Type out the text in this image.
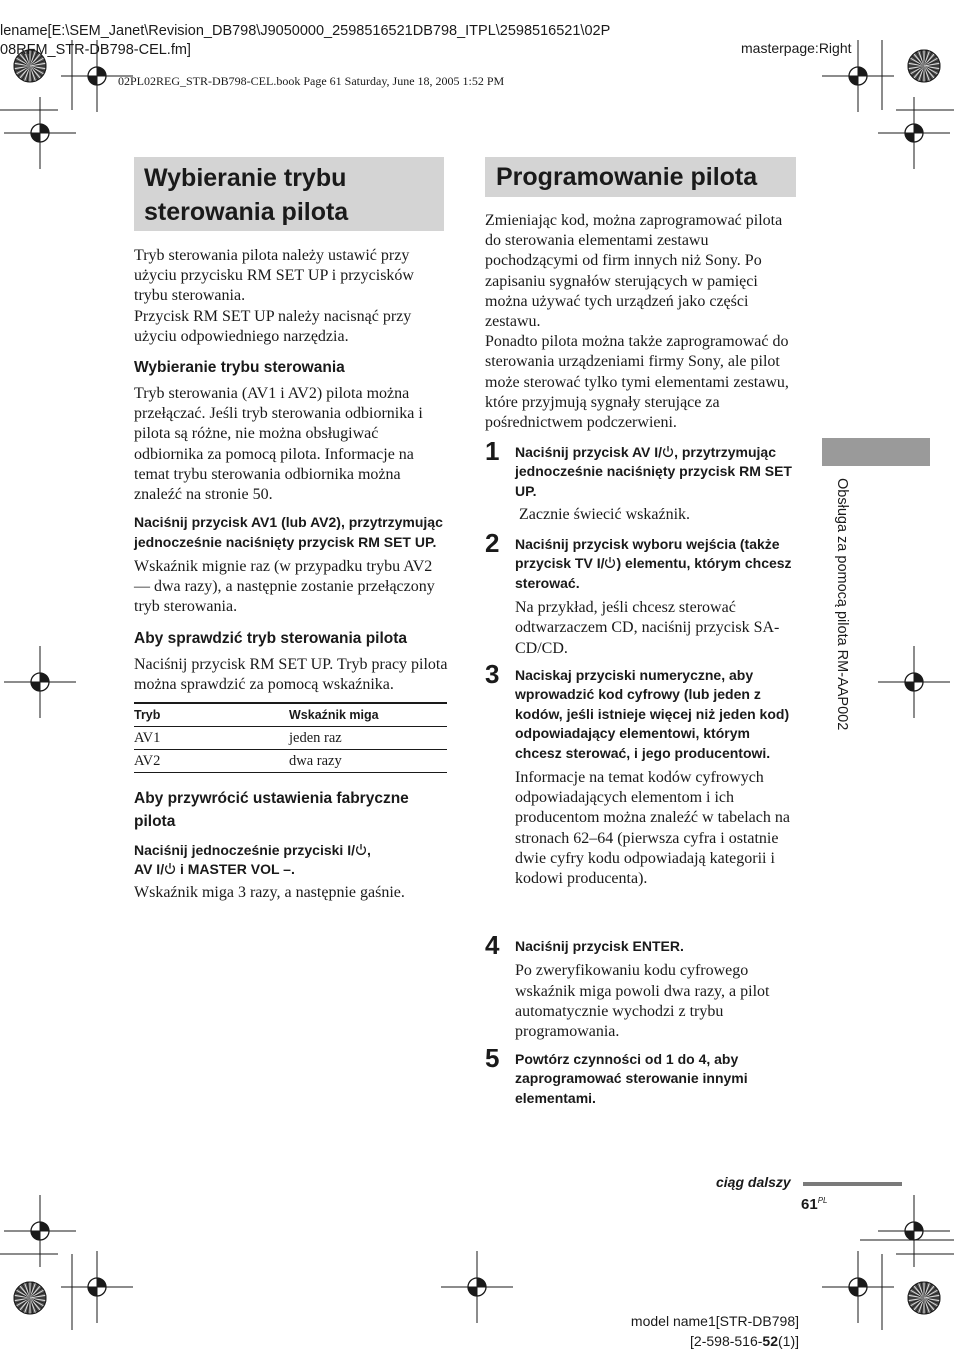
lename[E:\SEM_Janet\Revision_DB798\J9050000_2598516521DB798_ITPL\2598516521\02P
08RFM_STR-DB798-CEL.fm]	masterpage:Right
02PL02REG_STR-DB798-CEL.book Page 61 Saturday, June 18, 2005 1:52 PM
Wybieranie trybu
sterowania pilota

Tryb sterowania pilota należy ustawić przy użyciu przycisku RM SET UP i przycisków trybu sterowania.

Przycisk RM SET UP należy nacisnąć przy użyciu odpowiedniego narzędzia.

Wybieranie trybu sterowania

Tryb sterowania (AV1 i AV2) pilota można przełączać. Jeśli tryb sterowania odbiornika i pilota są różne, nie można obsługiwać odbiornika za pomocą pilota. Informacje na temat trybu sterowania odbiornika można znaleźć na stronie 50.

Naciśnij przycisk AV1 (lub AV2), przytrzymując jednocześnie naciśnięty przycisk RM SET UP.

Wskaźnik mignie raz (w przypadku trybu AV2 — dwa razy), a następnie zostanie przełączony tryb sterowania.

Aby sprawdzić tryb sterowania pilota

Naciśnij przycisk RM SET UP. Tryb pracy pilota można sprawdzić za pomocą wskaźnika.

Tryb	Wskaźnik miga
AV1	jeden raz
AV2	dwa razy

Aby przywrócić ustawienia fabryczne pilota

Naciśnij jednocześnie przyciski I/ ,
AV I/ i MASTER VOL –.

Wskaźnik miga 3 razy, a następnie gaśnie.

Programowanie pilota

Zmieniając kod, można zaprogramować pilota do sterowania elementami zestawu pochodzącymi od firm innych niż Sony. Po zapisaniu sygnałów sterujących w pamięci można używać tych urządzeń jako części zestawu.

Ponadto pilota można także zaprogramować do sterowania urządzeniami firmy Sony, ale pilot może sterować tylko tymi elementami zestawu, które przyjmują sygnały sterujące za pośrednictwem podczerwieni.

1 Naciśnij przycisk AV I/ , przytrzymując jednocześnie naciśnięty przycisk RM SET UP.

Zacznie świecić wskaźnik.

2 Naciśnij przycisk wyboru wejścia (także przycisk TV I/ ) elementu, którym chcesz sterować.

Na przykład, jeśli chcesz sterować odtwarzaczem CD, naciśnij przycisk SA-CD/CD.

3 Naciskaj przyciski numeryczne, aby wprowadzić kod cyfrowy (lub jeden z kodów, jeśli istnieje więcej niż jeden kod) odpowiadający elementowi, którym chcesz sterować, i jego producentowi.

Informacje na temat kodów cyfrowych odpowiadających elementom i ich producentom można znaleźć w tabelach na stronach 62–64 (pierwsza cyfra i ostatnie dwie cyfry kodu odpowiadają kategorii i kodowi producenta).

4 Naciśnij przycisk ENTER.

Po zweryfikowaniu kodu cyfrowego wskaźnik miga powoli dwa razy, a pilot automatycznie wychodzi z trybu programowania.

5 Powtórz czynności od 1 do 4, aby zaprogramować sterowanie innymi elementami.

Obsługa za pomocą pilota RM-AAP002
ciąg dalszy
$61^{PL}$
model name1[STR-DB798]
[2-598-516-52(1)]
